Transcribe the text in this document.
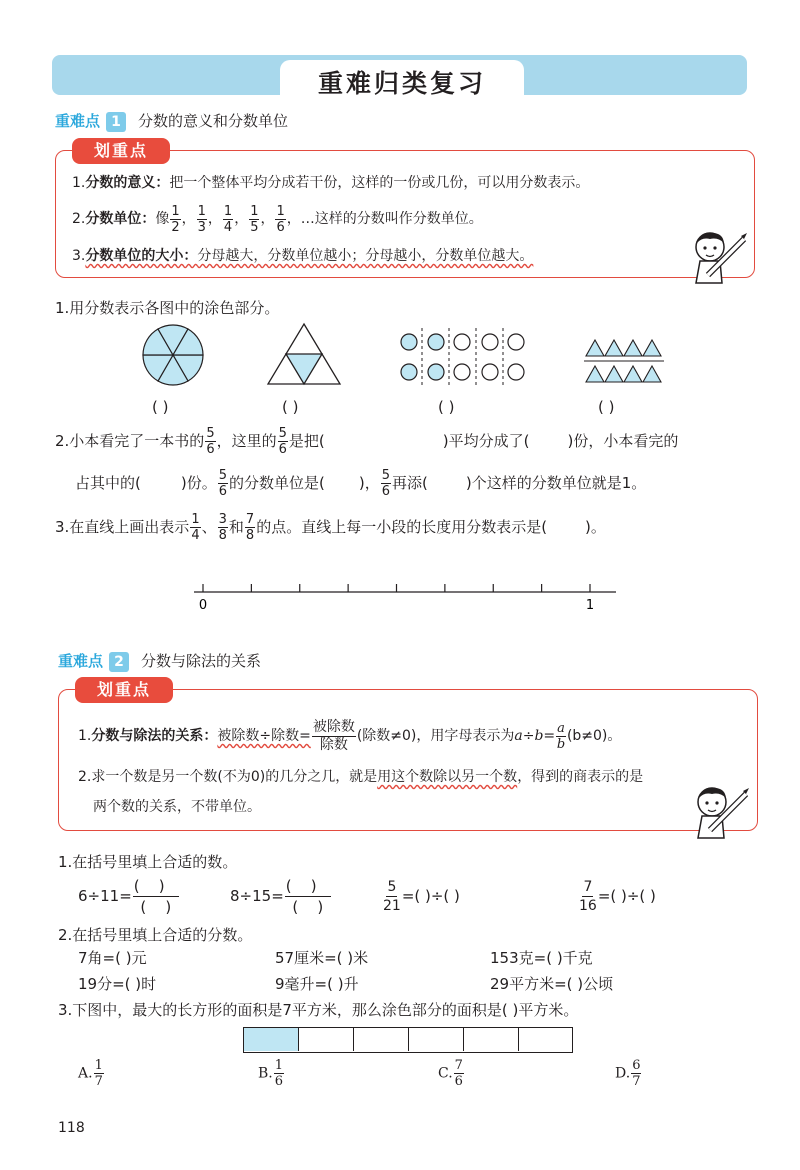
重难归类复习
重难点 1 分数的意义和分数单位
划重点
1.分数的意义：把一个整体平均分成若干份，这样的一份或几份，可以用分数表示。
2.分数单位：像 $\frac{1}{2}$ ， $\frac{1}{3}$ ， $\frac{1}{4}$ ， $\frac{1}{5}$ ， $\frac{1}{6}$ ，…这样的分数叫作分数单位。
3.分数单位的大小：分母越大，分数单位越小；分母越小，分数单位越大。
1.用分数表示各图中的涂色部分。
( )	( )	( )	( )
2.小本看完了一本书的 $\frac{5}{6}$ ，这里的 $\frac{5}{6}$ 是把(	)平均分成了(	)份，小本看完的
占其中的(	)份。 $\frac{5}{6}$ 的分数单位是( )， $\frac{5}{6}$ 再添(	)个这样的分数单位就是1。
3.在直线上画出表示 $\frac{1}{4}$ 、 $\frac{3}{8}$ 和 $\frac{7}{8}$ 的点。直线上每一小段的长度用分数表示是(	)。
0	1
重难点 2 分数与除法的关系
划重点
1.分数与除法的关系：被除数÷除数= $\frac{\text{被除数}}{\text{除数}}$ (除数≠0)，用字母表示为$a\div b= \frac{a}{b} (b\ne 0)$。
2.求一个数是另一个数(不为0)的几分之几，就是用这个数除以另一个数，得到的商表示的是
两个数的关系，不带单位。
1.在括号里填上合适的数。
$6\div 11= \frac{( )}{( )}$	$8\div 15= \frac{( )}{( )}$	$\frac{5}{21}$ =( )÷( )	$\frac{7}{16}$ =( )÷( )
2.在括号里填上合适的分数。
7角=( )元	57厘米=( )米	153克=( )千克
19分=( )时	9毫升=( )升	29平方米=( )公顷
3.下图中，最大的长方形的面积是7平方米，那么涂色部分的面积是( )平方米。
A. $\frac{1}{7}$	B. $\frac{1}{6}$	C. $\frac{7}{6}$	D. $\frac{6}{7}$
118
